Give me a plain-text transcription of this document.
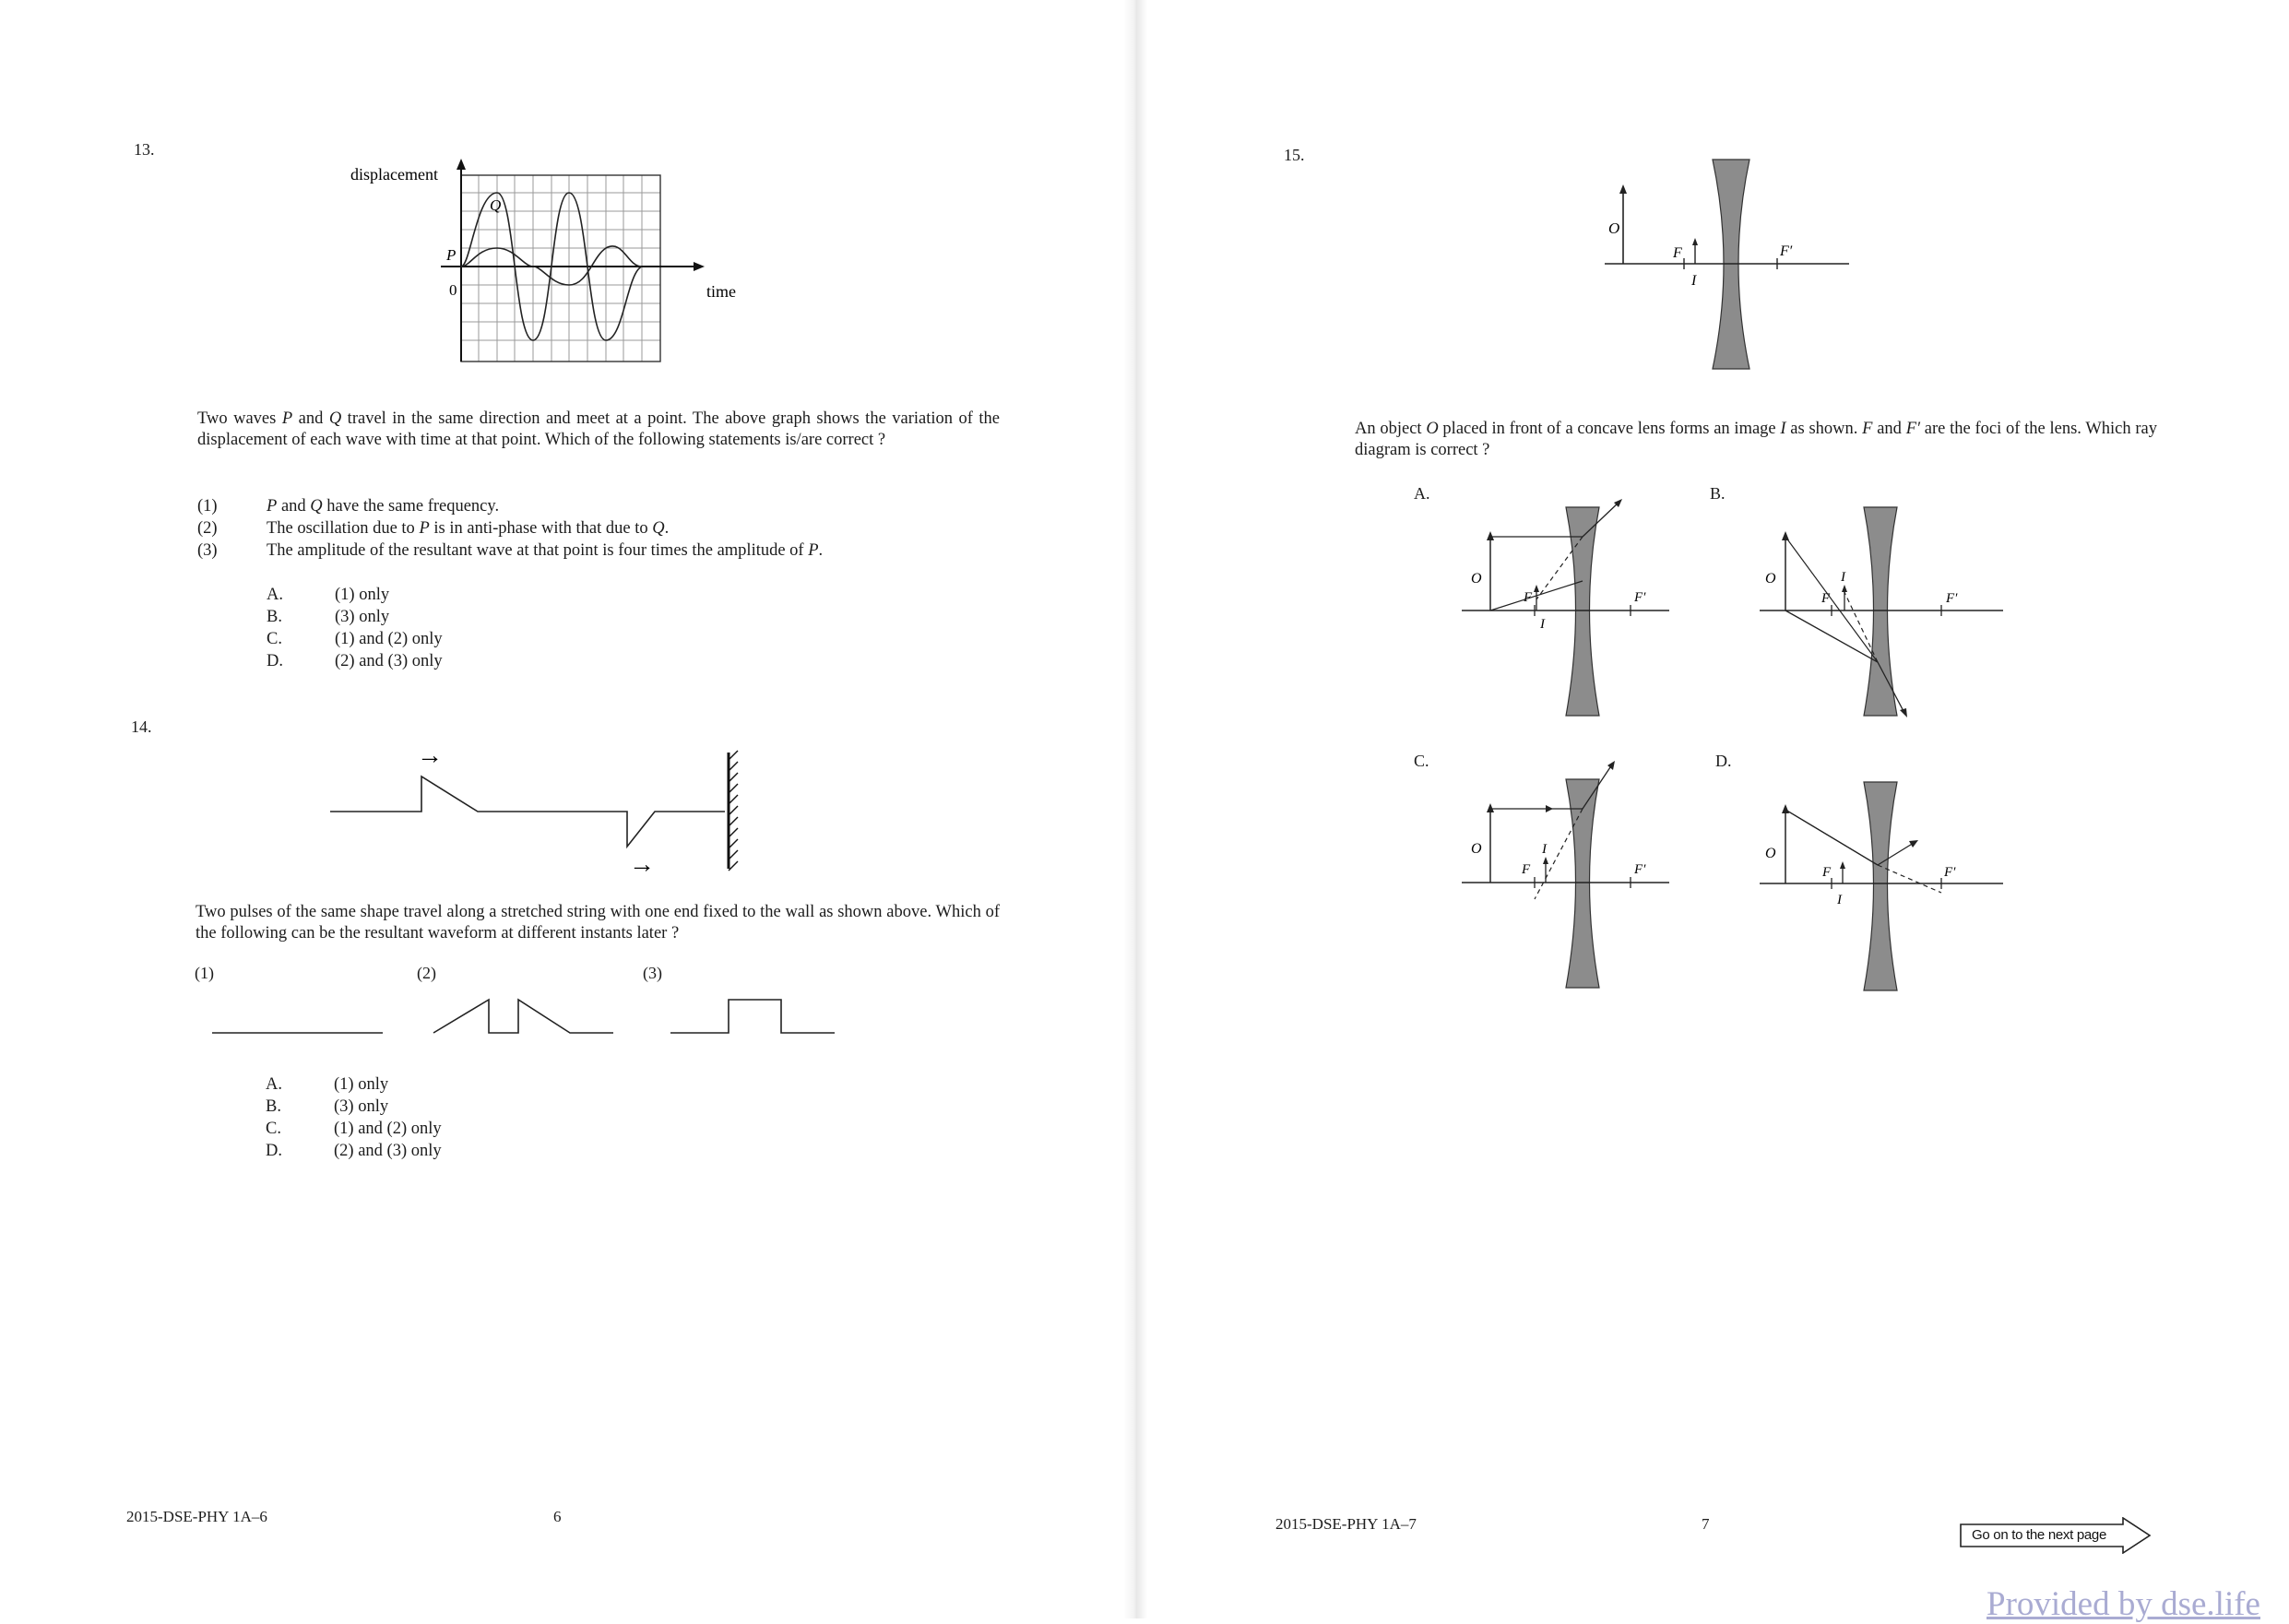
13.
displacement
time
0
P
Q
Two waves P and Q travel in the same direction and meet at a point. The above graph shows the variation of the displacement of each wave with time at that point. Which of the following statements is/are correct ?
(1)	P and Q have the same frequency.
(2)	The oscillation due to P is in anti-phase with that due to Q.
(3)	The amplitude of the resultant wave at that point is four times the amplitude of P.
A.	(1) only
B.	(3) only
C.	(1) and (2) only
D.	(2) and (3) only
14.
→
→
Two pulses of the same shape travel along a stretched string with one end fixed to the wall as shown above. Which of the following can be the resultant waveform at different instants later ?
(1)	(2)	(3)
A.	(1) only
B.	(3) only
C.	(1) and (2) only
D.	(2) and (3) only
2015-DSE-PHY 1A–6	6
15.
O
F
I
F′
An object O placed in front of a concave lens forms an image I as shown. F and F′ are the foci of the lens. Which ray diagram is correct ?
A.
O
F
I
F′
B.
O
F
I
F′
C.
O
F
I
F′
D.
O
F
I
F′
2015-DSE-PHY 1A–7	7
Go on to the next page
Provided by dse.life
